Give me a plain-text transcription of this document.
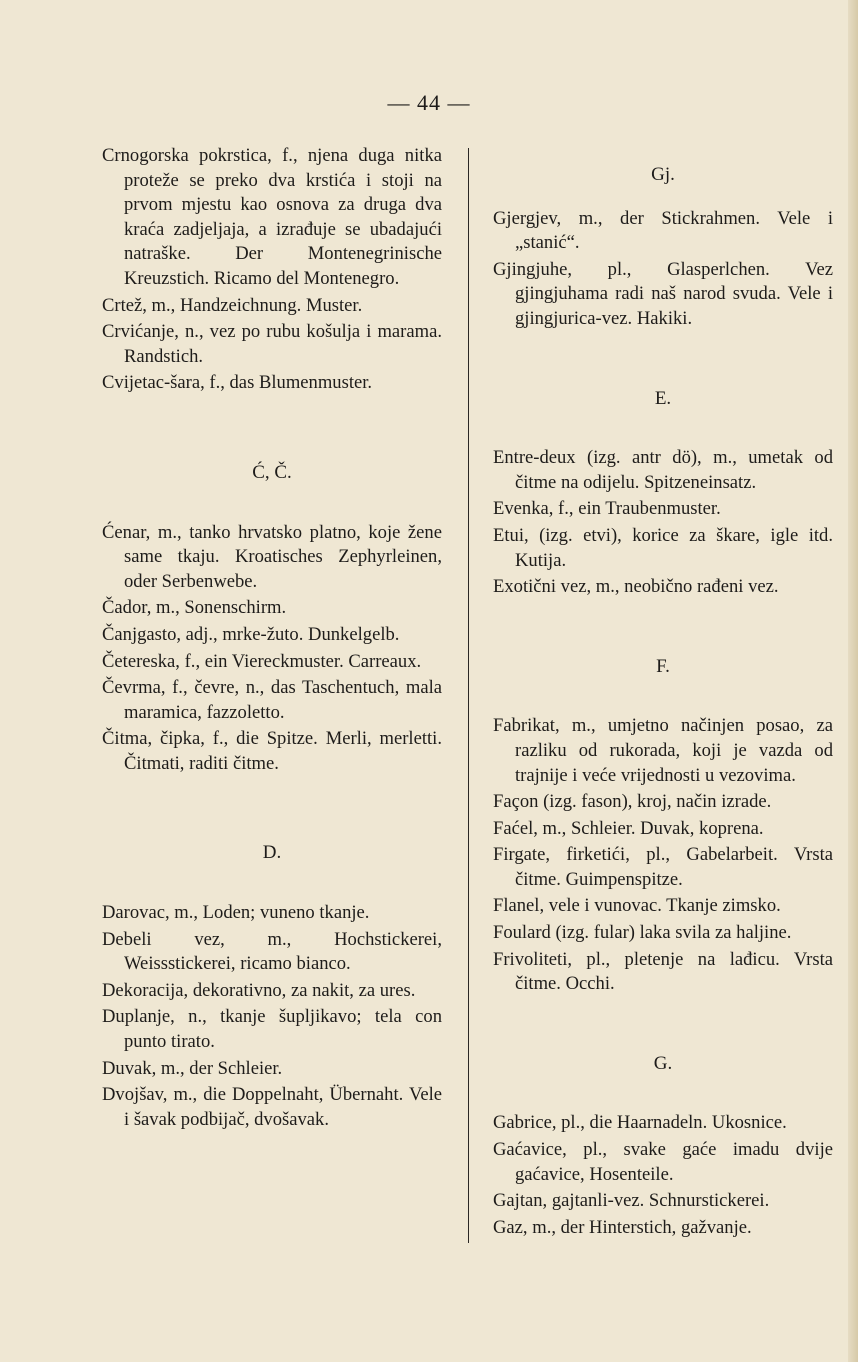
— 44 —

Crnogorska pokrstica, f., njena duga nitka proteže se preko dva krstića i stoji na prvom mjestu kao osnova za druga dva kraća zadjeljaja, a izrađuje se ubadajući natraške. Der Montenegrinische Kreuzstich. Ricamo del Montenegro.

Crtež, m., Handzeichnung. Muster.

Crvićanje, n., vez po rubu košulja i marama. Randstich.

Cvijetac-šara, f., das Blumenmuster.

Ć, Č.

Ćenar, m., tanko hrvatsko platno, koje žene same tkaju. Kroatisches Zephyrleinen, oder Serbenwebe.

Čador, m., Sonenschirm.

Čanjgasto, adj., mrke-žuto. Dunkelgelb.

Četereska, f., ein Viereckmuster. Carreaux.

Čevrma, f., čevre, n., das Taschentuch, mala maramica, fazzoletto.

Čitma, čipka, f., die Spitze. Merli, merletti. Čitmati, raditi čitme.

D.

Darovac, m., Loden; vuneno tkanje.

Debeli vez, m., Hochstickerei, Weissstickerei, ricamo bianco.

Dekoracija, dekorativno, za nakit, za ures.

Duplanje, n., tkanje šupljikavo; tela con punto tirato.

Duvak, m., der Schleier.

Dvojšav, m., die Doppelnaht, Übernaht. Vele i šavak podbijač, dvošavak.

Gj.

Gjergjev, m., der Stickrahmen. Vele i „stanić“.

Gjingjuhe, pl., Glasperlchen. Vez gjingjuhama radi naš narod svuda. Vele i gjingjurica-vez. Hakiki.

E.

Entre-deux (izg. antr dö), m., umetak od čitme na odijelu. Spitzeneinsatz.

Evenka, f., ein Traubenmuster.

Etui, (izg. etvi), korice za škare, igle itd. Kutija.

Exotični vez, m., neobično rađeni vez.

F.

Fabrikat, m., umjetno načinjen posao, za razliku od rukorada, koji je vazda od trajnije i veće vrijednosti u vezovima.

Façon (izg. fason), kroj, način izrade.

Faćel, m., Schleier. Duvak, koprena.

Firgate, firketići, pl., Gabelarbeit. Vrsta čitme. Guimpenspitze.

Flanel, vele i vunovac. Tkanje zimsko.

Foulard (izg. fular) laka svila za haljine.

Frivoliteti, pl., pletenje na lađicu. Vrsta čitme. Occhi.

G.

Gabrice, pl., die Haarnadeln. Ukosnice.

Gaćavice, pl., svake gaće imadu dvije gaćavice, Hosenteile.

Gajtan, gajtanli-vez. Schnurstickerei.

Gaz, m., der Hinterstich, gažvanje.
